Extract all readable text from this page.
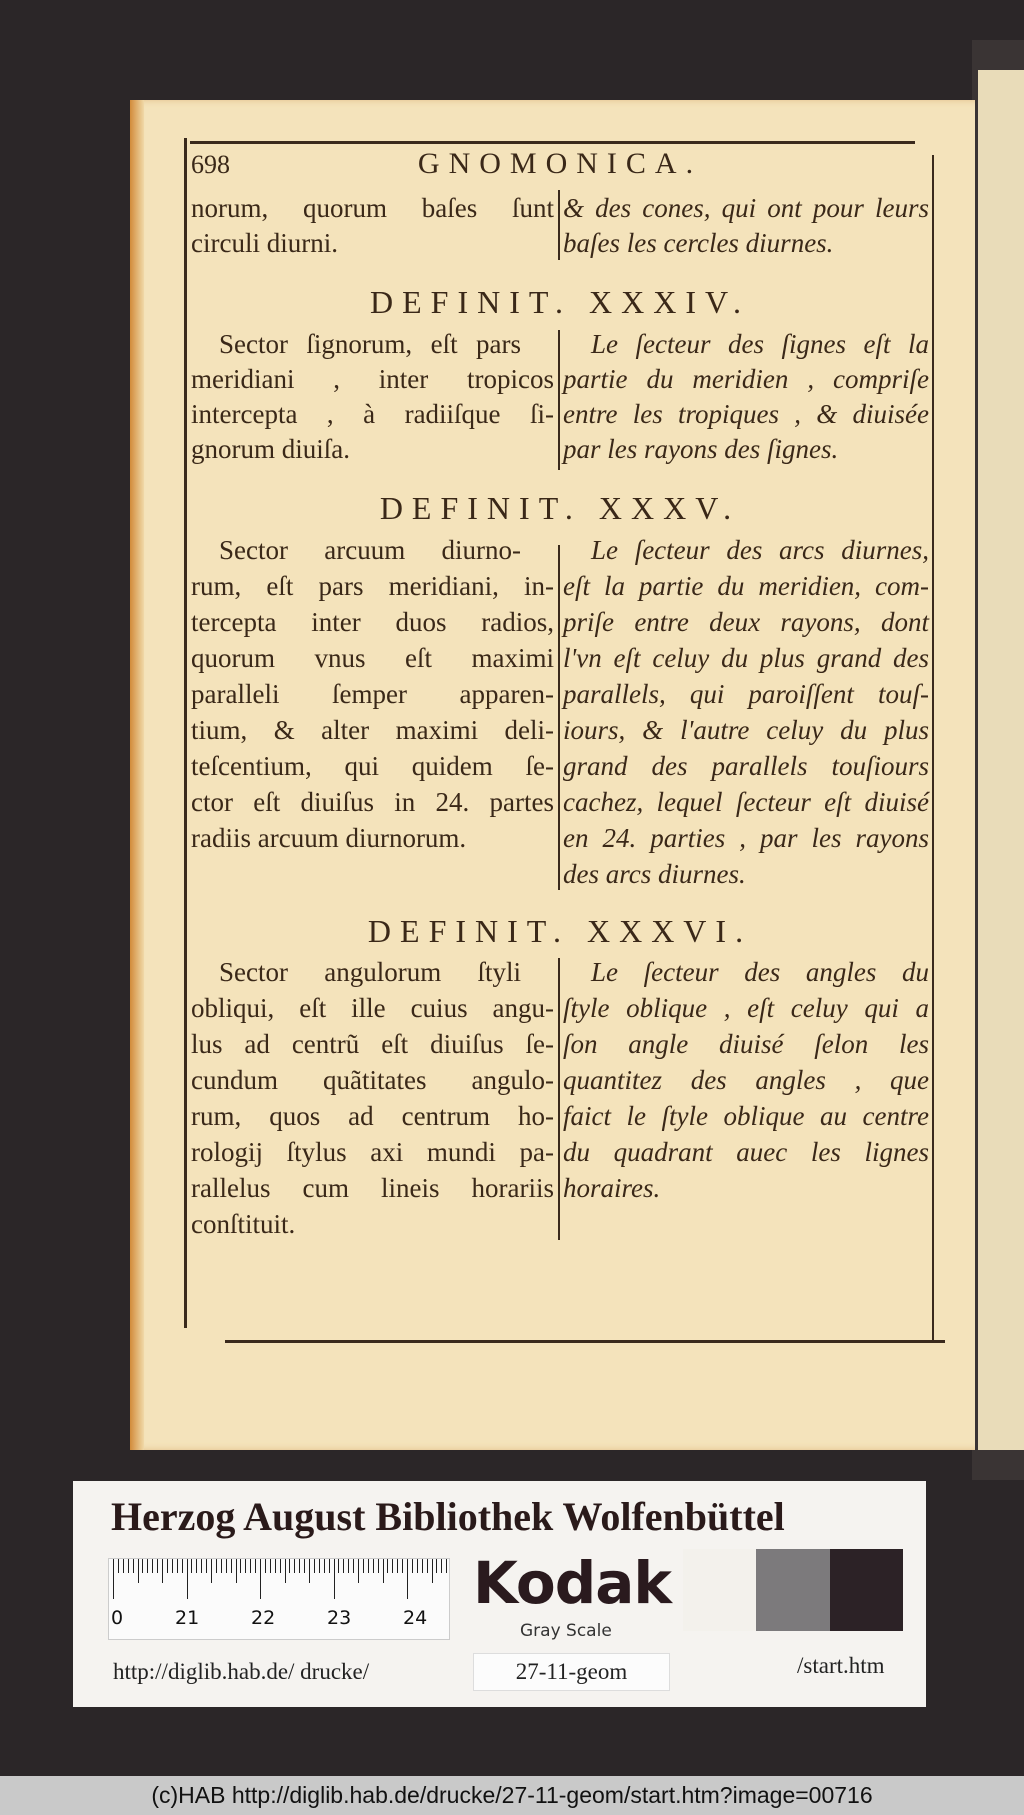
698	GNOMONICA.
norum, quorum baſes ſunt
circuli diurni.
& des cones, qui ont pour leurs
baſes les cercles diurnes.
DEFINIT. XXXIV.
Sector ſignorum, eſt pars
meridiani , inter tropicos
intercepta , à radiiſque ſi-
gnorum diuiſa.
Le ſecteur des ſignes eſt la
partie du meridien , compriſe
entre les tropiques , & diuisée
par les rayons des ſignes.
DEFINIT. XXXV.
Sector arcuum diurno-
rum, eſt pars meridiani, in-
tercepta inter duos radios,
quorum vnus eſt maximi
paralleli ſemper apparen-
tium, & alter maximi deli-
teſcentium, qui quidem ſe-
ctor eſt diuiſus in 24. partes
radiis arcuum diurnorum.
Le ſecteur des arcs diurnes,
eſt la partie du meridien, com-
priſe entre deux rayons, dont
l'vn eſt celuy du plus grand des
parallels, qui paroiſſent touſ-
iours, & l'autre celuy du plus
grand des parallels touſiours
cachez, lequel ſecteur eſt diuisé
en 24. parties , par les rayons
des arcs diurnes.
DEFINIT. XXXVI.
Sector angulorum ſtyli
obliqui, eſt ille cuius angu-
lus ad centrũ eſt diuiſus ſe-
cundum quãtitates angulo-
rum, quos ad centrum ho-
rologij ſtylus axi mundi pa-
rallelus cum lineis horariis
conſtituit.
Le ſecteur des angles du
ſtyle oblique , eſt celuy qui a
ſon angle diuisé ſelon les
quantitez des angles , que
faict le ſtyle oblique au centre
du quadrant auec les lignes
horaires.
Herzog August Bibliothek Wolfenbüttel
0	21	22	23	24
Kodak
Gray Scale
http://diglib.hab.de/ drucke/	27-11-geom	/start.htm
(c)HAB http://diglib.hab.de/drucke/27-11-geom/start.htm?image=00716
